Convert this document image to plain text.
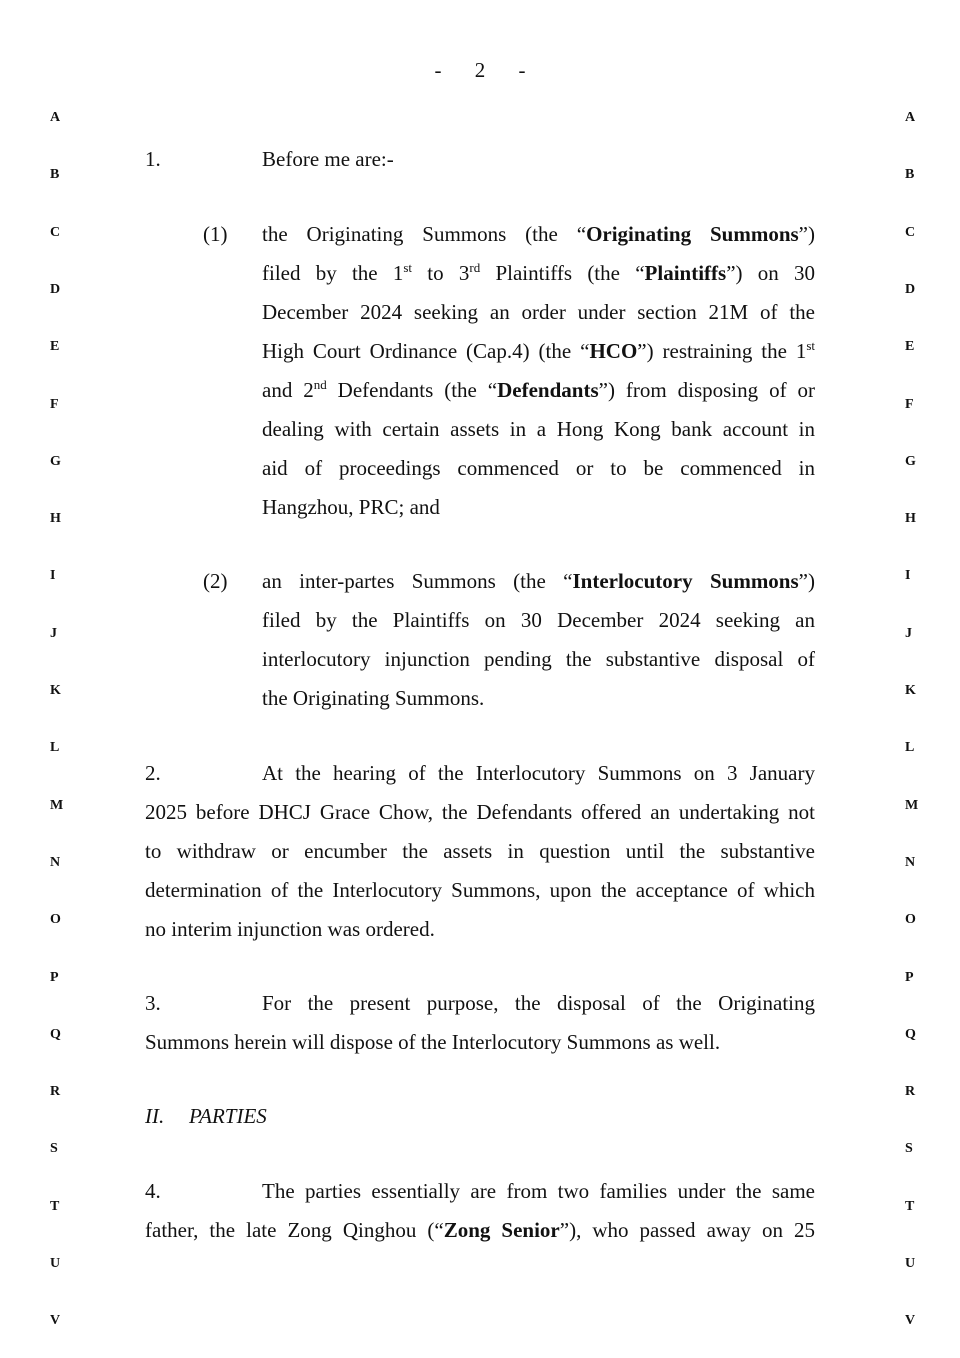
- 2 -
A
B
C
D
E
F
G
H
I
J
K
L
M
N
O
P
Q
R
S
T
U
V
A
B
C
D
E
F
G
H
I
J
K
L
M
N
O
P
Q
R
S
T
U
V
1.	Before me are:-
(1) the Originating Summons (the “Originating Summons”)
filed by the 1st to 3rd Plaintiffs (the “Plaintiffs”) on 30
December 2024 seeking an order under section 21M of the
High Court Ordinance (Cap.4) (the “HCO”) restraining the 1st
and 2nd Defendants (the “Defendants”) from disposing of or
dealing with certain assets in a Hong Kong bank account in
aid of proceedings commenced or to be commenced in
Hangzhou, PRC; and
(2) an inter-partes Summons (the “Interlocutory Summons”)
filed by the Plaintiffs on 30 December 2024 seeking an
interlocutory injunction pending the substantive disposal of
the Originating Summons.
2.	At the hearing of the Interlocutory Summons on 3 January
2025 before DHCJ Grace Chow, the Defendants offered an undertaking not
to withdraw or encumber the assets in question until the substantive
determination of the Interlocutory Summons, upon the acceptance of which
no interim injunction was ordered.
3.	For the present purpose, the disposal of the Originating
Summons herein will dispose of the Interlocutory Summons as well.
II. PARTIES
4.	The parties essentially are from two families under the same
father, the late Zong Qinghou (“Zong Senior”), who passed away on 25
